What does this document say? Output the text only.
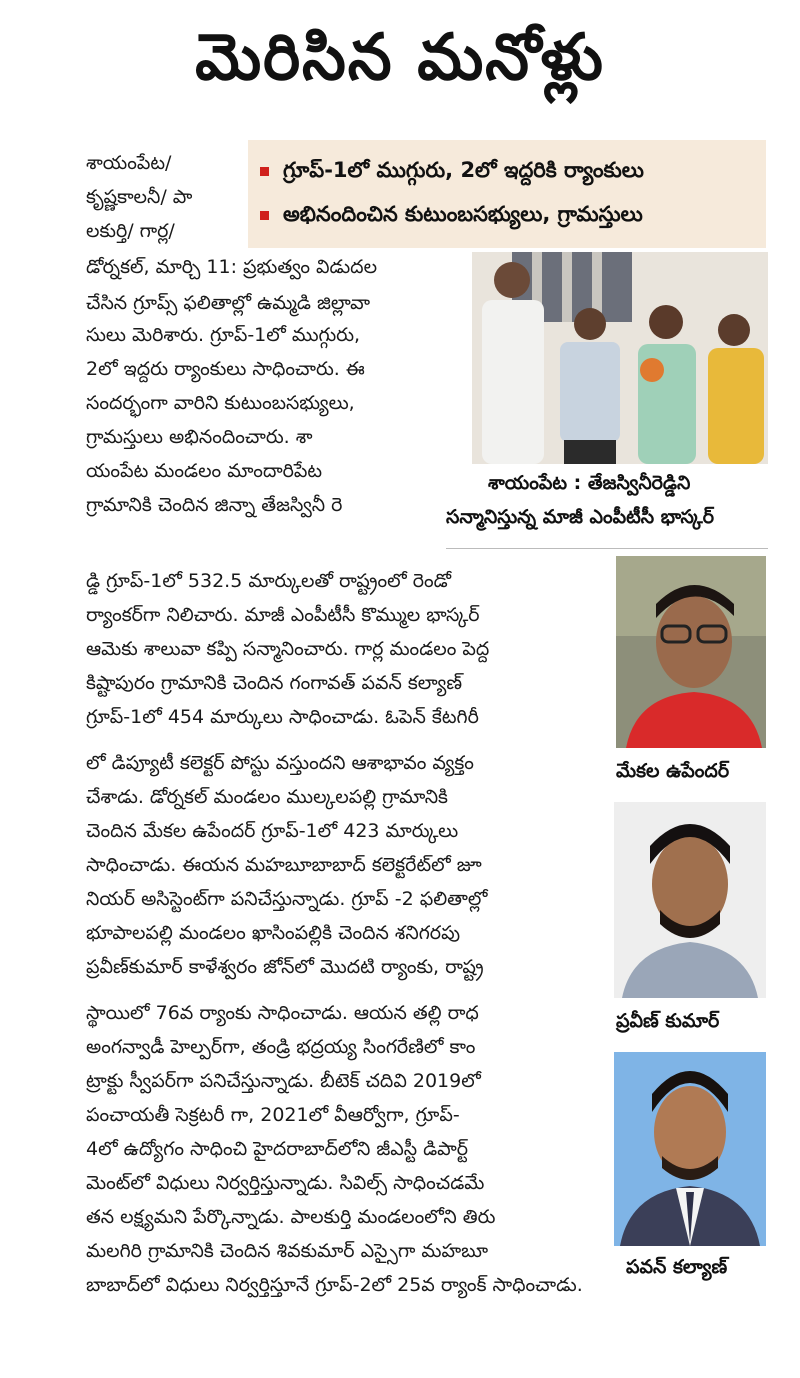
మెరిసిన మనోళ్లు
గ్రూప్-1లో ముగ్గురు, 2లో ఇద్దరికి ర్యాంకులు
అభినందించిన కుటుంబసభ్యులు, గ్రామస్తులు
శాయంపేట/
కృష్ణకాలనీ/ పా
లకుర్తి/ గార్ల/
డోర్నకల్, మార్చి 11: ప్రభుత్వం విడుదల
చేసిన గ్రూప్స్ ఫలితాల్లో ఉమ్మడి జిల్లావా
సులు మెరిశారు. గ్రూప్-1లో ముగ్గురు,
2లో ఇద్దరు ర్యాంకులు సాధించారు. ఈ
సందర్భంగా వారిని కుటుంబసభ్యులు,
గ్రామస్తులు అభినందించారు. శా
యంపేట మండలం మాందారిపేట
గ్రామానికి చెందిన జిన్నా తేజస్వినీ రె
డ్డి గ్రూప్-1లో 532.5 మార్కులతో రాష్ట్రంలో రెండో
ర్యాంకర్‌గా నిలిచారు. మాజీ ఎంపీటీసీ కొమ్ముల భాస్కర్
ఆమెకు శాలువా కప్పి సన్మానించారు. గార్ల మండలం పెద్ద
కిష్టాపురం గ్రామానికి చెందిన గంగావత్ పవన్ కల్యాణ్
గ్రూప్-1లో 454 మార్కులు సాధించాడు. ఓపెన్ కేటగిరీ
లో డిప్యూటీ కలెక్టర్ పోస్టు వస్తుందని ఆశాభావం వ్యక్తం
చేశాడు. డోర్నకల్ మండలం ముల్కలపల్లి గ్రామానికి
చెందిన మేకల ఉపేందర్ గ్రూప్-1లో 423 మార్కులు
సాధించాడు. ఈయన మహబూబాబాద్ కలెక్టరేట్‌లో జూ
నియర్ అసిస్టెంట్‌గా పనిచేస్తున్నాడు. గ్రూప్ -2 ఫలితాల్లో
భూపాలపల్లి మండలం ఖాసింపల్లికి చెందిన శనిగరపు
ప్రవీణ్‌కుమార్ కాళేశ్వరం జోన్‌లో మొదటి ర్యాంకు, రాష్ట్ర
స్థాయిలో 76వ ర్యాంకు సాధించాడు. ఆయన తల్లి రాధ
అంగన్వాడీ హెల్పర్‌గా, తండ్రి భద్రయ్య సింగరేణిలో కాం
ట్రాక్టు స్వీపర్‌గా పనిచేస్తున్నాడు. బీటెక్ చదివి 2019లో
పంచాయతీ సెక్రటరీ గా, 2021లో వీఆర్వోగా, గ్రూప్-
4లో ఉద్యోగం సాధించి హైదరాబాద్‌లోని జీఎస్టీ డిపార్ట్
మెంట్‌లో విధులు నిర్వర్తిస్తున్నాడు. సివిల్స్ సాధించడమే
తన లక్ష్యమని పేర్కొన్నాడు. పాలకుర్తి మండలంలోని తిరు
మలగిరి గ్రామానికి చెందిన శివకుమార్ ఎస్సైగా మహబూ
బాబాద్‌లో విధులు నిర్వర్తిస్తూనే గ్రూప్-2లో 25వ ర్యాంక్ సాధించాడు.
శాయంపేట : తేజస్వినీరెడ్డిని
సన్మానిస్తున్న మాజీ ఎంపీటీసీ భాస్కర్
మేకల ఉపేందర్
ప్రవీణ్ కుమార్
పవన్ కల్యాణ్
